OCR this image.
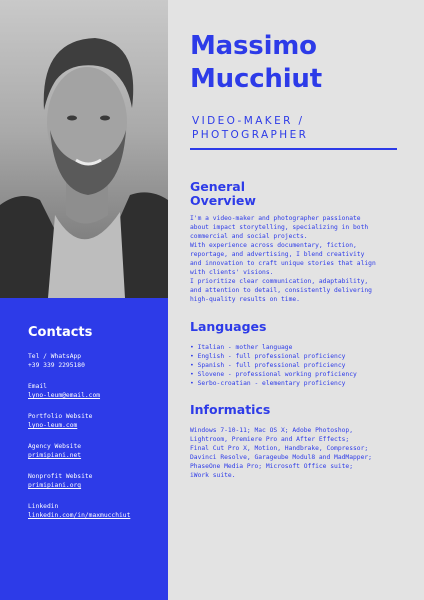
Contacts
Tel / WhatsApp
+39 339 2295180
Email
lyno-leum@email.com
Portfolio Website
lyno-leum.com
Agency Website
primipiani.net
Nonprofit Website
primipiani.org
Linkedin
linkedin.com/in/maxmucchiut
Massimo
Mucchiut
VIDEO-MAKER /
PHOTOGRAPHER
General
Overview

I'm a video-maker and photographer passionate

about impact storytelling, specializing in both

commercial and social projects.

With experience across documentary, fiction,

reportage, and advertising, I blend creativity

and innovation to craft unique stories that align

with clients' visions.

I prioritize clear communication, adaptability,

and attention to detail, consistently delivering

high-quality results on time.

Languages
• Italian - mother language
• English - full professional proficiency
• Spanish - full professional proficiency
• Slovene - professional working proficiency
• Serbo-croatian - elementary proficiency
Informatics

Windows 7-10-11; Mac OS X; Adobe Photoshop,

Lightroom, Premiere Pro and After Effects;

Final Cut Pro X, Motion, Handbrake, Compressor;

Davinci Resolve, Garageube Modul8 and MadMapper;

PhaseOne Media Pro; Microsoft Office suite;

iWork suite.
